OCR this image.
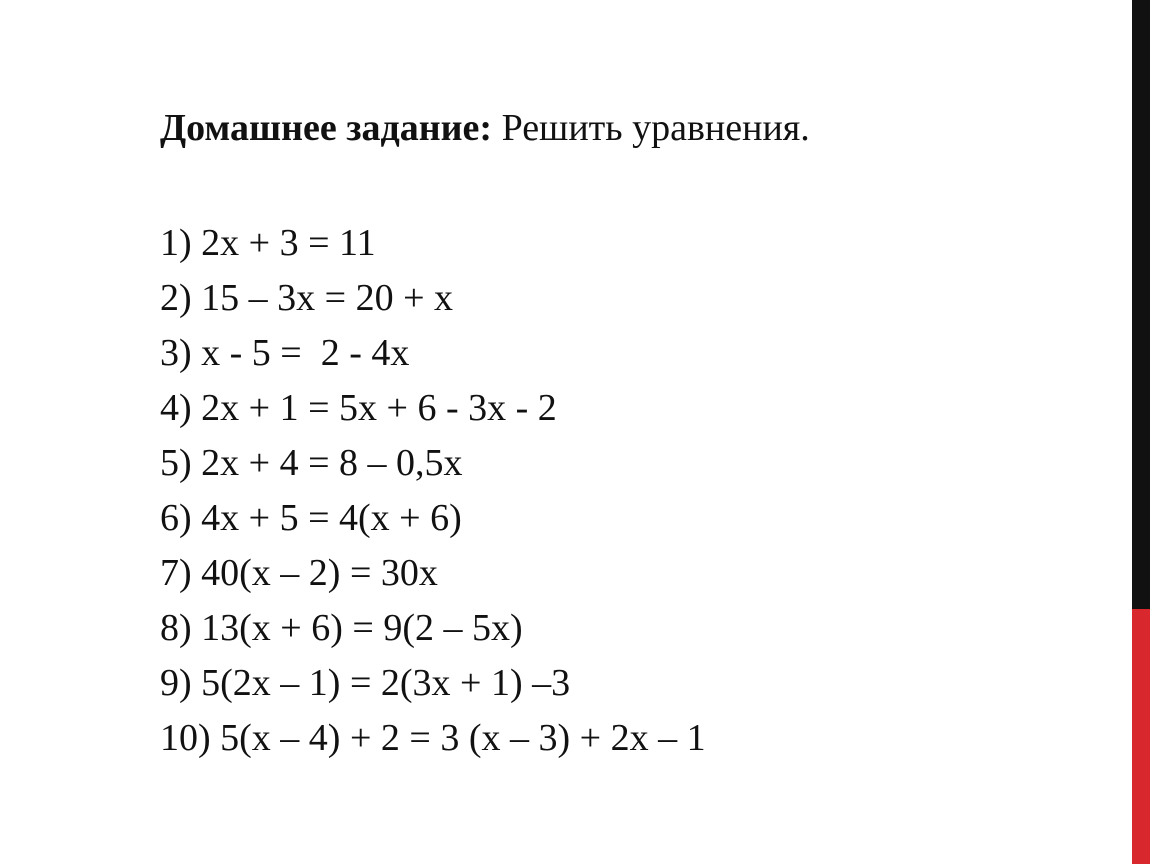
Домашнее задание: Решить уравнения.
1) 2x + 3 = 11
2) 15 – 3x = 20 + x
3) x - 5 =  2 - 4x
4) 2x + 1 = 5x + 6 - 3x - 2
5) 2x + 4 = 8 – 0,5x
6) 4x + 5 = 4(x + 6)
7) 40(x – 2) = 30x
8) 13(x + 6) = 9(2 – 5x)
9) 5(2x – 1) = 2(3x + 1) –3
10) 5(x – 4) + 2 = 3 (x – 3) + 2x – 1
